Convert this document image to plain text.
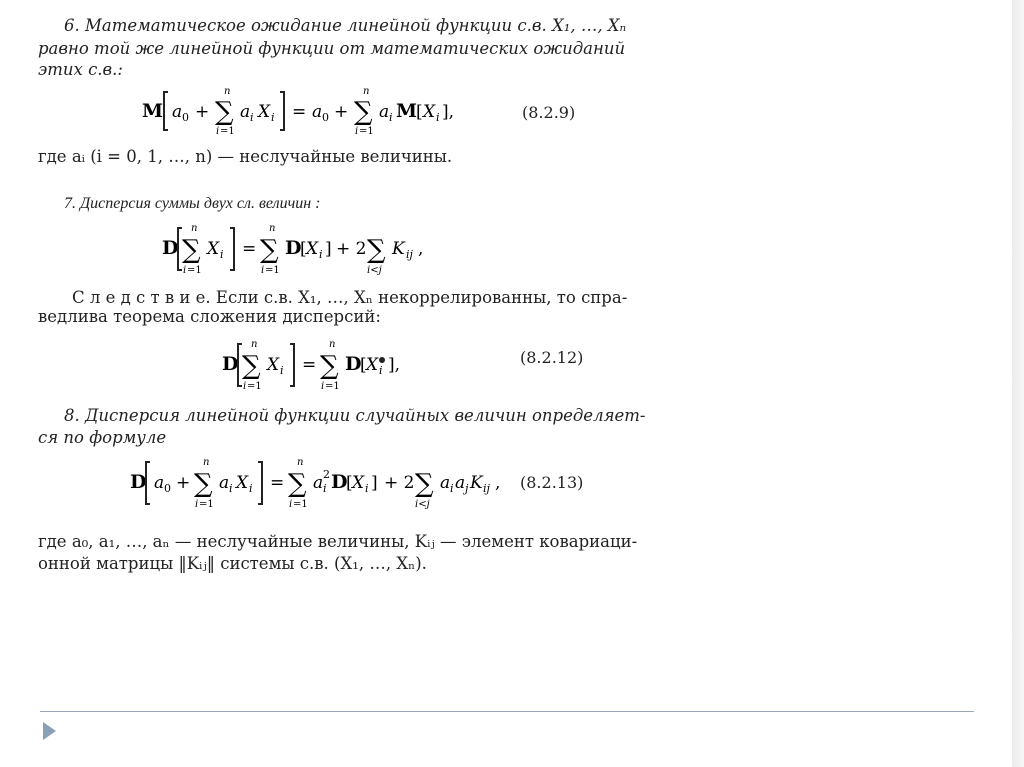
6. Математическое ожидание линейной функции с.в. X₁, …, Xₙ
равно той же линейной функции от математических ожиданий
этих с.в.:
M a 0 + ∑
n
i =1
a i X i = a 0 + ∑
n
i =1
a i M
[ X i ],	(8.2.9)
где aᵢ (i = 0, 1, …, n) — неслучайные величины.
7. Дисперсия суммы двух сл. величин :
D ∑
n
i =1
X i = ∑
n
i =1
D
[ X i ] + 2 ∑
i<j
K ij ,
С л е д с т в и е. Если с.в. X₁, …, Xₙ некоррелированны, то спра-
ведлива теорема сложения дисперсий:
D ∑
n
i =1
X i = ∑
n
i =1
D
[ X i ],	(8.2.12)
8. Дисперсия линейной функции случайных величин определяет-
ся по формуле
D a 0 + ∑
n
i =1
a i X i = ∑
n
i =1
a i
2 D
[ X i ] + 2 ∑
i<j
a i a j K ij , (8.2.13)
где a₀, a₁, …, aₙ — неслучайные величины, Kᵢⱼ — элемент ковариаци-
онной матрицы ‖Kᵢⱼ‖ системы с.в. (X₁, …, Xₙ).
